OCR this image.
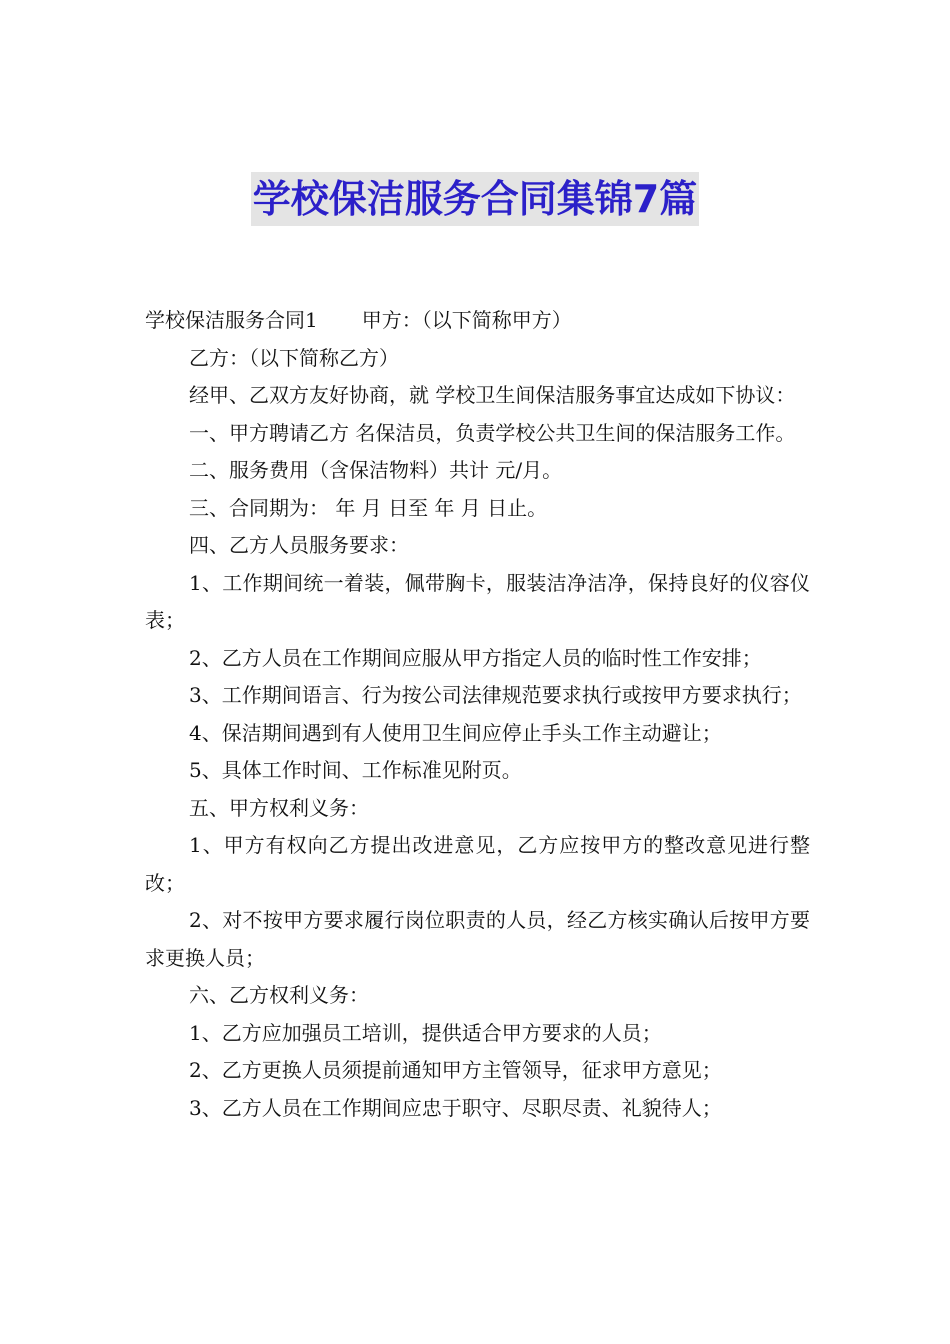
学校保洁服务合同集锦7篇

学校保洁服务合同1 甲方：（以下简称甲方）

乙方：（以下简称乙方）

经甲、乙双方友好协商，就 学校卫生间保洁服务事宜达成如下协议：

一、甲方聘请乙方 名保洁员，负责学校公共卫生间的保洁服务工作。

二、服务费用（含保洁物料）共计 元/月。

三、合同期为： 年 月 日至 年 月 日止。

四、乙方人员服务要求：

1、工作期间统一着装，佩带胸卡，服装洁净洁净，保持良好的仪容仪表；

2、乙方人员在工作期间应服从甲方指定人员的临时性工作安排；

3、工作期间语言、行为按公司法律规范要求执行或按甲方要求执行；

4、保洁期间遇到有人使用卫生间应停止手头工作主动避让；

5、具体工作时间、工作标准见附页。

五、甲方权利义务：

1、甲方有权向乙方提出改进意见，乙方应按甲方的整改意见进行整改；

2、对不按甲方要求履行岗位职责的人员，经乙方核实确认后按甲方要求更换人员；

六、乙方权利义务：

1、乙方应加强员工培训，提供适合甲方要求的人员；

2、乙方更换人员须提前通知甲方主管领导，征求甲方意见；

3、乙方人员在工作期间应忠于职守、尽职尽责、礼貌待人；
